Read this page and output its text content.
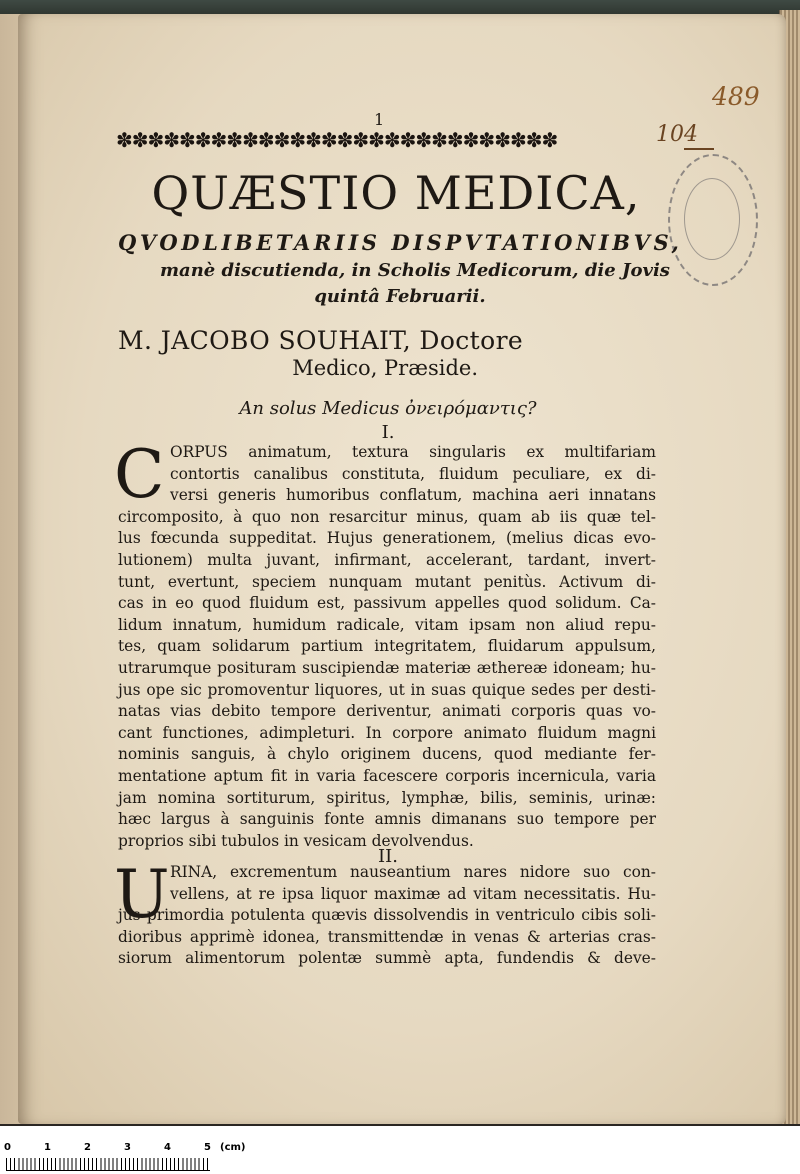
489
104
1
✽✽✽✽✽✽✽✽✽✽✽✽✽✽✽✽✽✽✽✽✽✽✽✽✽✽✽✽
QUÆSTIO MEDICA,
QVODLIBETARIIS DISPVTATIONIBVS,
manè discutienda, in Scholis Medicorum, die Jovis
quintâ Februarii.
M. JACOBO SOUHAIT, Doctore
Medico, Præside.
An solus Medicus ὀνειρόμαντις?
I.
C ORPUS animatum, textura singularis ex multifariam
contortis canalibus constituta, fluidum peculiare, ex di-
versi generis humoribus conflatum, machina aeri innatans
circomposito, à quo non resarcitur minus, quam ab iis quæ tel-
lus fœcunda suppeditat. Hujus generationem, (melius dicas evo-
lutionem) multa juvant, infirmant, accelerant, tardant, invert-
tunt, evertunt, speciem nunquam mutant penitùs. Activum di-
cas in eo quod fluidum est, passivum appelles quod solidum. Ca-
lidum innatum, humidum radicale, vitam ipsam non aliud repu-
tes, quam solidarum partium integritatem, fluidarum appulsum,
utrarumque posituram suscipiendæ materiæ æthereæ idoneam; hu-
jus ope sic promoventur liquores, ut in suas quique sedes per desti-
natas vias debito tempore deriventur, animati corporis quas vo-
cant functiones, adimpleturi. In corpore animato fluidum magni
nominis sanguis, à chylo originem ducens, quod mediante fer-
mentatione aptum fit in varia facescere corporis incernicula, varia
jam nomina sortiturum, spiritus, lymphæ, bilis, seminis, urinæ:
hæc largus à sanguinis fonte amnis dimanans suo tempore per
proprios sibi tubulos in vesicam devolvendus.
II.
U RINA, excrementum nauseantium nares nidore suo con-
vellens, at re ipsa liquor maximæ ad vitam necessitatis. Hu-
jus primordia potulenta quævis dissolvendis in ventriculo cibis soli-
dioribus apprimè idonea, transmittendæ in venas & arterias cras-
siorum alimentorum polentæ summè apta, fundendis & deve-
0	1	2	3	4	5 (cm)
